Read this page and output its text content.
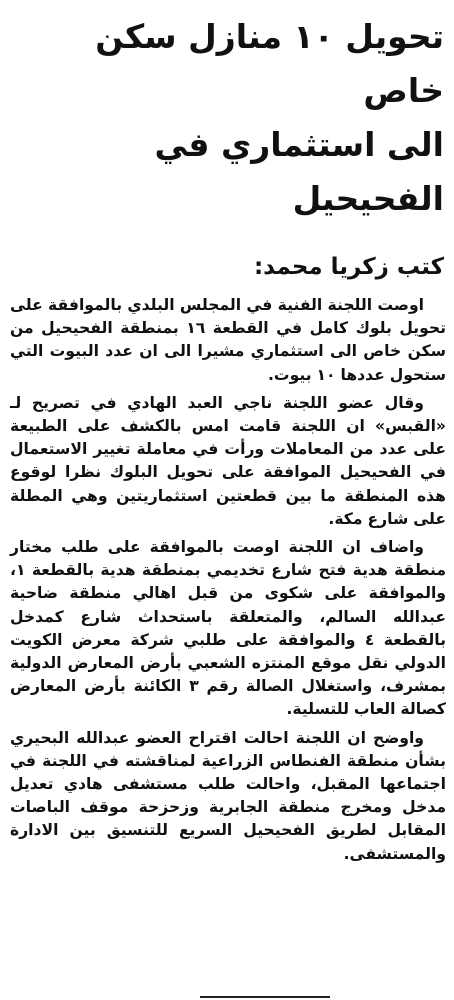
تحويل ١٠ منازل سكن خاص
الى استثماري في الفحيحيل
كتب زكريا محمد:

اوصت اللجنة الفنية في المجلس البلدي بالموافقة على تحويل بلوك كامل في القطعة ١٦ بمنطقة الفحيحيل من سكن خاص الى استثماري مشيرا الى ان عدد البيوت التي ستحول عددها ١٠ بيوت.

وقال عضو اللجنة ناجي العبد الهادي في تصريح لـ «القبس» ان اللجنة قامت امس بالكشف على الطبيعة على عدد من المعاملات ورأت في معاملة تغيير الاستعمال في الفحيحيل الموافقة على تحويل البلوك نظرا لوقوع هذه المنطقة ما بين قطعتين استثماريتين وهي المطلة على شارع مكة.

واضاف ان اللجنة اوصت بالموافقة على طلب مختار منطقة هدية فتح شارع تخديمي بمنطقة هدية بالقطعة ١، والموافقة على شكوى من قبل اهالي منطقة ضاحية عبدالله السالم، والمتعلقة باستحداث شارع كمدخل بالقطعة ٤ والموافقة على طلبي شركة معرض الكويت الدولي نقل موقع المنتزه الشعبي بأرض المعارض الدولية بمشرف، واستغلال الصالة رقم ٣ الكائنة بأرض المعارض كصالة العاب للتسلية.

واوضح ان اللجنة احالت اقتراح العضو عبدالله البحيري بشأن منطقة الفنطاس الزراعية لمناقشته في اللجنة في اجتماعها المقبل، واحالت طلب مستشفى هادي تعديل مدخل ومخرج منطقة الجابرية وزحزحة موقف الباصات المقابل لطريق الفحيحيل السريع للتنسيق بين الادارة والمستشفى.
